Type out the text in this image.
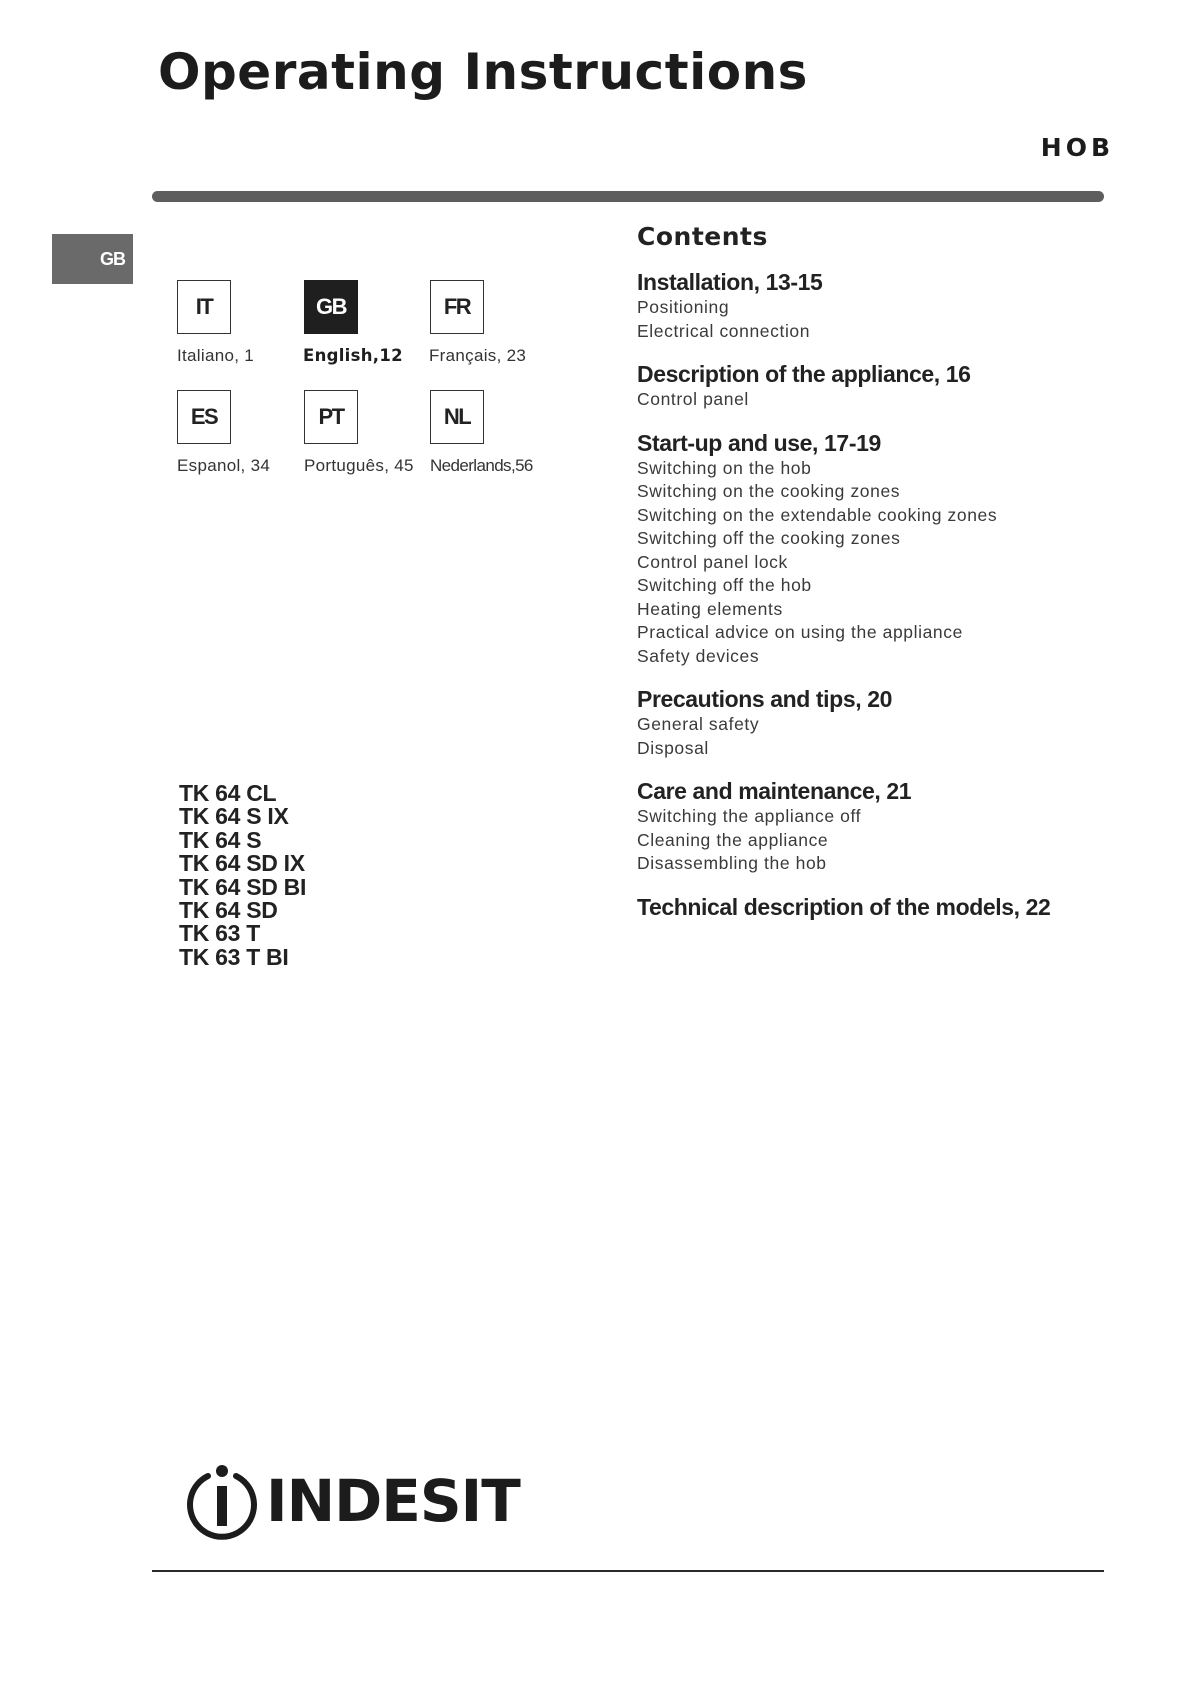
Operating Instructions
HOB
GB
IT
Italiano, 1
GB
English,12
FR
Français, 23
ES
Espanol, 34
PT
Português, 45
NL
Nederlands,56
TK 64 CL
TK 64 S IX
TK 64 S
TK 64 SD IX
TK 64 SD BI
TK 64 SD
TK 63 T
TK 63 T BI
Contents
Installation, 13-15
Positioning
Electrical connection
Description of the appliance, 16
Control panel
Start-up and use, 17-19
Switching on the hob
Switching on the cooking zones
Switching on the extendable cooking zones
Switching off the cooking zones
Control panel lock
Switching off the hob
Heating elements
Practical advice on using the appliance
Safety devices
Precautions and tips, 20
General safety
Disposal
Care and maintenance, 21
Switching the appliance off
Cleaning the appliance
Disassembling the hob
Technical description of the models, 22
INDESIT
